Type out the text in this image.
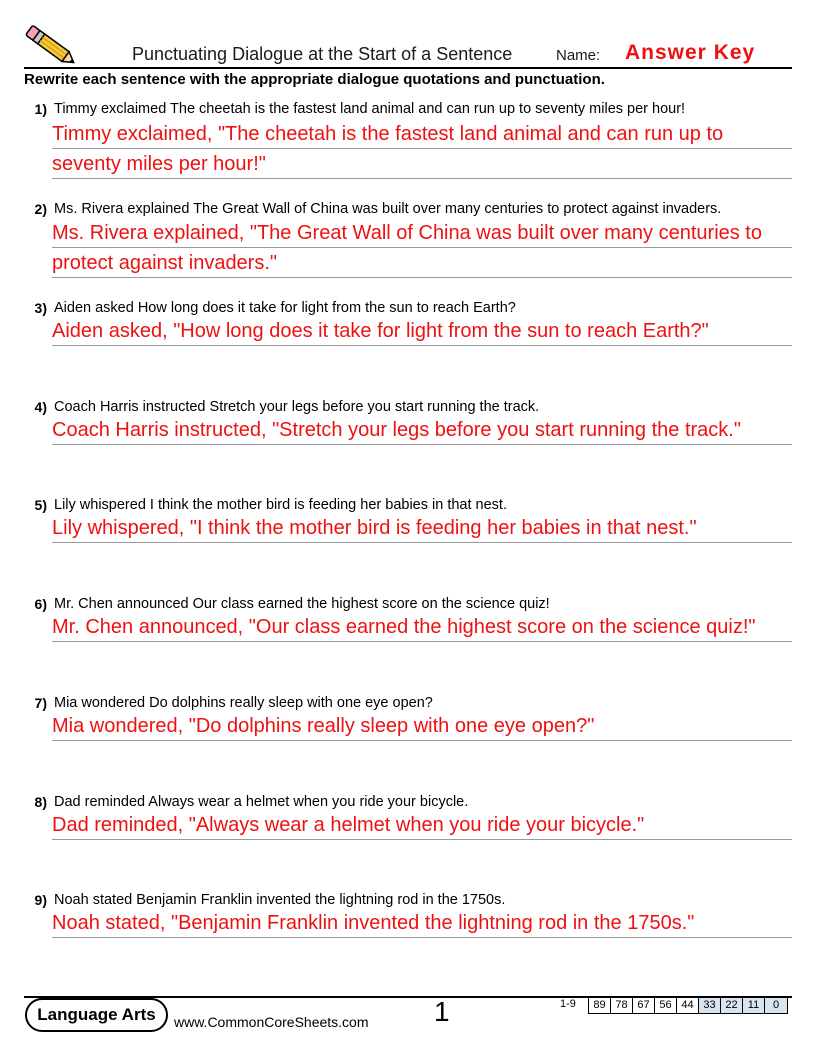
Punctuating Dialogue at the Start of a Sentence	Name: Answer Key
Rewrite each sentence with the appropriate dialogue quotations and punctuation.
1) Timmy exclaimed The cheetah is the fastest land animal and can run up to seventy miles per hour!
Timmy exclaimed, "The cheetah is the fastest land animal and can run up to
seventy miles per hour!"
2) Ms. Rivera explained The Great Wall of China was built over many centuries to protect against invaders.
Ms. Rivera explained, "The Great Wall of China was built over many centuries to
protect against invaders."
3) Aiden asked How long does it take for light from the sun to reach Earth?
Aiden asked, "How long does it take for light from the sun to reach Earth?"
4) Coach Harris instructed Stretch your legs before you start running the track.
Coach Harris instructed, "Stretch your legs before you start running the track."
5) Lily whispered I think the mother bird is feeding her babies in that nest.
Lily whispered, "I think the mother bird is feeding her babies in that nest."
6) Mr. Chen announced Our class earned the highest score on the science quiz!
Mr. Chen announced, "Our class earned the highest score on the science quiz!"
7) Mia wondered Do dolphins really sleep with one eye open?
Mia wondered, "Do dolphins really sleep with one eye open?"
8) Dad reminded Always wear a helmet when you ride your bicycle.
Dad reminded, "Always wear a helmet when you ride your bicycle."
9) Noah stated Benjamin Franklin invented the lightning rod in the 1750s.
Noah stated, "Benjamin Franklin invented the lightning rod in the 1750s."
Language Arts	www.CommonCoreSheets.com 1	1-9	89 78 67 56 44 33 22 11	0
